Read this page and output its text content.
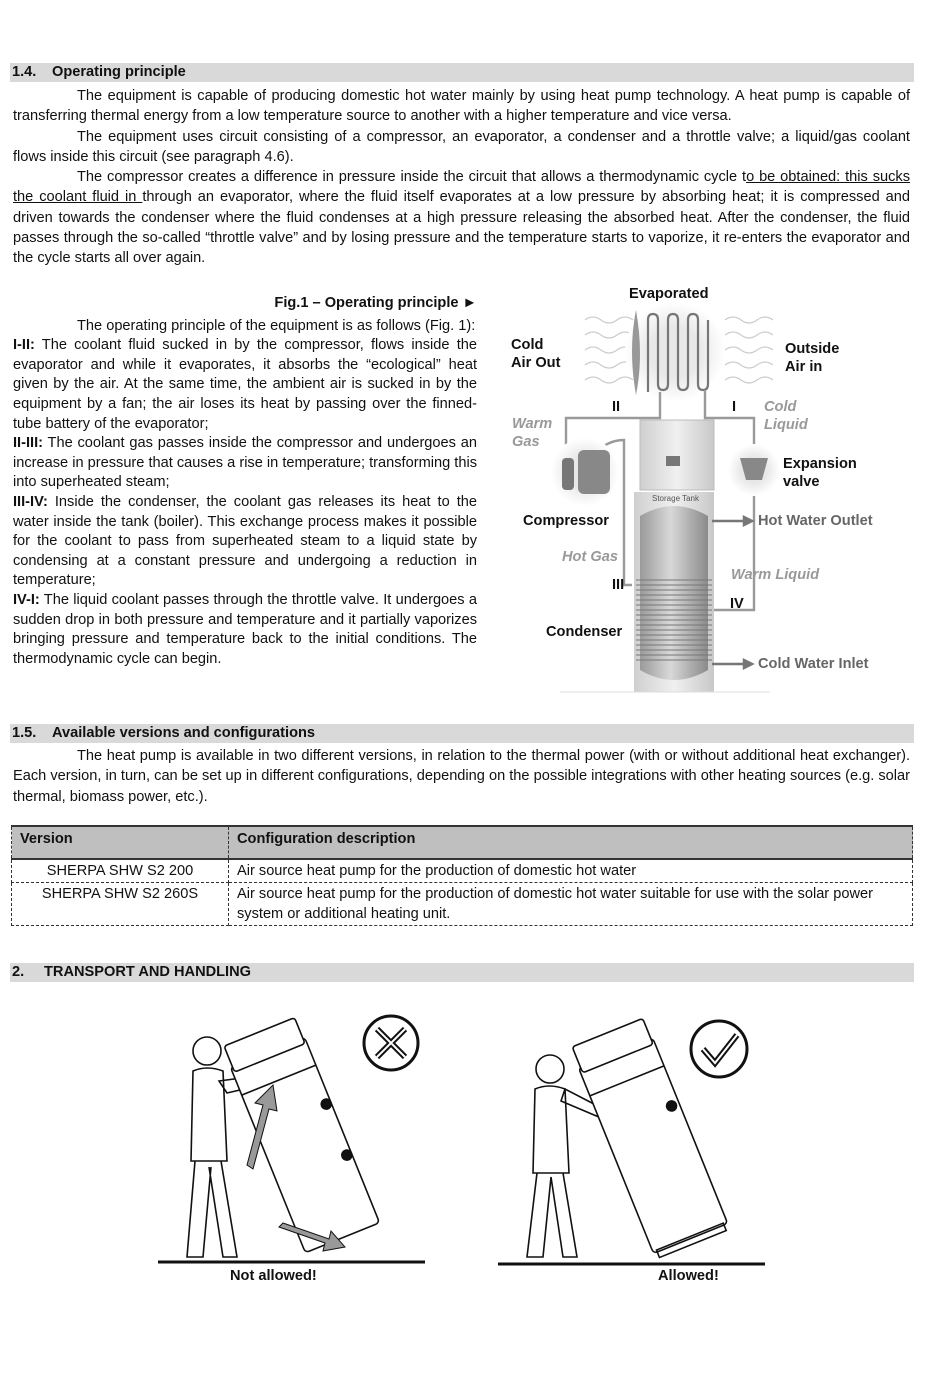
1.4. Operating principle

The equipment is capable of producing domestic hot water mainly by using heat pump technology. A heat pump is capable of transferring thermal energy from a low temperature source to another with a higher temperature and vice versa.

The equipment uses circuit consisting of a compressor, an evaporator, a condenser and a throttle valve; a liquid/gas coolant flows inside this circuit (see paragraph 4.6).

The compressor creates a difference in pressure inside the circuit that allows a thermodynamic cycle to be obtained: this sucks the coolant fluid in through an evaporator, where the fluid itself evaporates at a low pressure by absorbing heat; it is compressed and driven towards the condenser where the fluid condenses at a high pressure releasing the absorbed heat. After the condenser, the fluid passes through the so-called “throttle valve” and by losing pressure and the temperature starts to vaporize, it re-enters the evaporator and the cycle starts all over again.

Fig.1 – Operating principle ►

The operating principle of the equipment is as follows (Fig. 1):

I-II: The coolant fluid sucked in by the compressor, flows inside the evaporator and while it evaporates, it absorbs the “ecological” heat given by the air. At the same time, the ambient air is sucked in by the equipment by a fan; the air loses its heat by passing over the finned-tube battery of the evaporator;

II-III: The coolant gas passes inside the compressor and undergoes an increase in pressure that causes a rise in temperature; transforming this into superheated steam;

III-IV: Inside the condenser, the coolant gas releases its heat to the water inside the tank (boiler). This exchange process makes it possible for the coolant to pass from superheated steam to a liquid state by condensing at a constant pressure and undergoing a reduction in temperature;

IV-I: The liquid coolant passes through the throttle valve. It undergoes a sudden drop in both pressure and temperature and it partially vaporizes bringing pressure and temperature back to the initial conditions. The thermodynamic cycle can begin.

Storage Tank
Evaporated
Cold
Air Out
Outside
Air in
Warm
Gas
Cold
Liquid
Expansion
valve
Compressor	Hot Water Outlet
Hot Gas
Warm Liquid
Condenser
Cold Water Inlet
II	I
III
IV
1.5. Available versions and configurations

The heat pump is available in two different versions, in relation to the thermal power (with or without additional heat exchanger). Each version, in turn, can be set up in different configurations, depending on the possible integrations with other heating sources (e.g. solar thermal, biomass power, etc.).

Version	Configuration description
SHERPA SHW S2 200	Air source heat pump for the production of domestic hot water
SHERPA SHW S2 260S	Air source heat pump for the production of domestic hot water suitable for use with the solar power system or additional heating unit.
2. TRANSPORT AND HANDLING
Not allowed!	Allowed!
